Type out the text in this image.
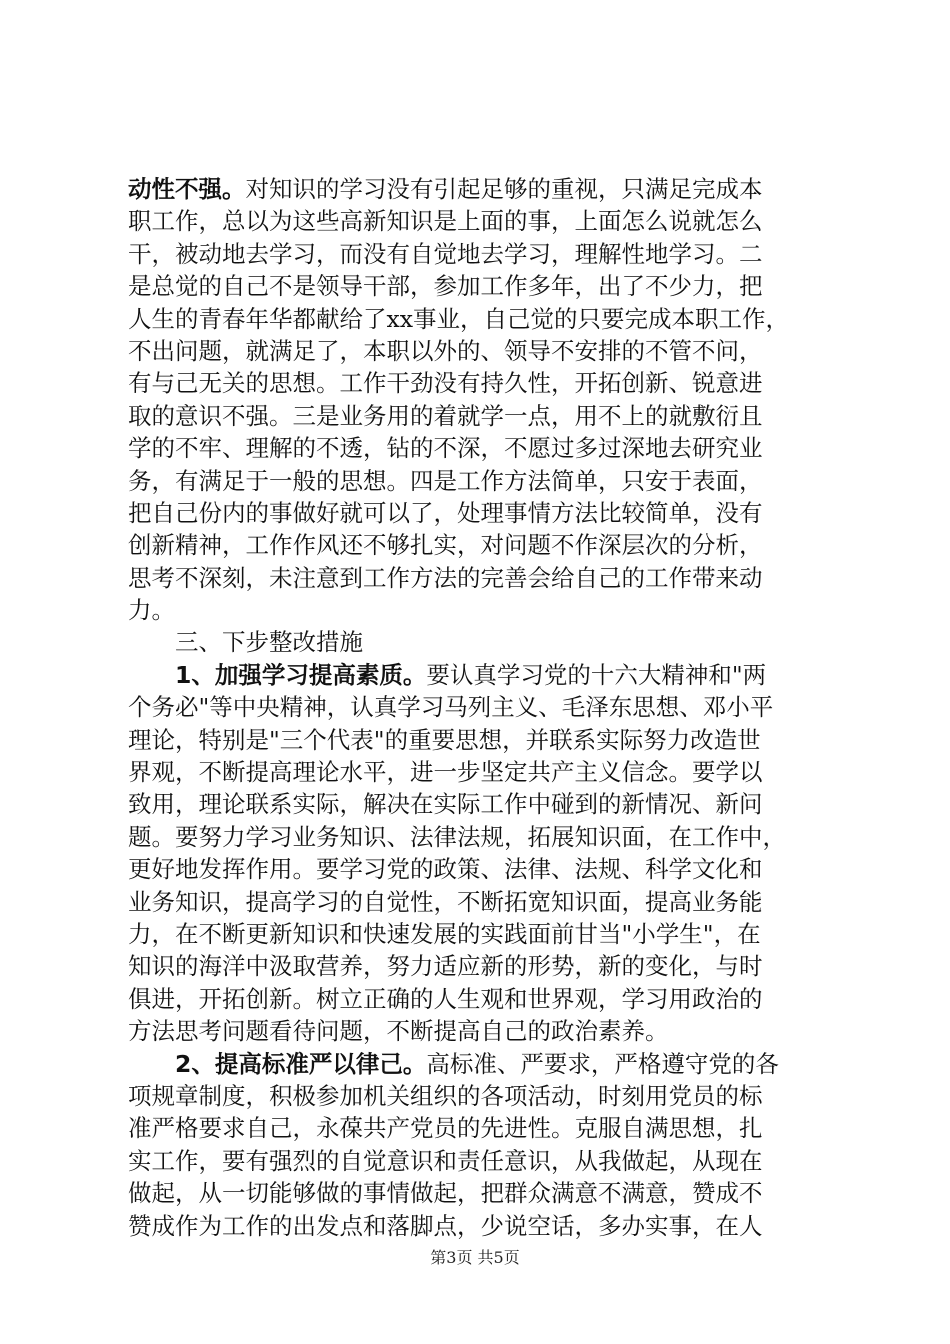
动性不强。对知识的学习没有引起足够的重视，只满足完成本
职工作，总以为这些高新知识是上面的事，上面怎么说就怎么
干，被动地去学习，而没有自觉地去学习，理解性地学习。二
是总觉的自己不是领导干部，参加工作多年，出了不少力，把
人生的青春年华都献给了xx事业，自己觉的只要完成本职工作，
不出问题，就满足了，本职以外的、领导不安排的不管不问，
有与己无关的思想。工作干劲没有持久性，开拓创新、锐意进
取的意识不强。三是业务用的着就学一点，用不上的就敷衍且
学的不牢、理解的不透，钻的不深，不愿过多过深地去研究业
务，有满足于一般的思想。四是工作方法简单，只安于表面，
把自己份内的事做好就可以了，处理事情方法比较简单，没有
创新精神，工作作风还不够扎实，对问题不作深层次的分析，
思考不深刻，未注意到工作方法的完善会给自己的工作带来动
力。
三、下步整改措施
1、加强学习提高素质。要认真学习党的十六大精神和"两
个务必"等中央精神，认真学习马列主义、毛泽东思想、邓小平
理论，特别是"三个代表"的重要思想，并联系实际努力改造世
界观，不断提高理论水平，进一步坚定共产主义信念。要学以
致用，理论联系实际，解决在实际工作中碰到的新情况、新问
题。要努力学习业务知识、法律法规，拓展知识面，在工作中，
更好地发挥作用。要学习党的政策、法律、法规、科学文化和
业务知识，提高学习的自觉性，不断拓宽知识面，提高业务能
力，在不断更新知识和快速发展的实践面前甘当"小学生"，在
知识的海洋中汲取营养，努力适应新的形势，新的变化，与时
俱进，开拓创新。树立正确的人生观和世界观，学习用政治的
方法思考问题看待问题，不断提高自己的政治素养。
2、提高标准严以律己。高标准、严要求，严格遵守党的各
项规章制度，积极参加机关组织的各项活动，时刻用党员的标
准严格要求自己，永葆共产党员的先进性。克服自满思想，扎
实工作，要有强烈的自觉意识和责任意识，从我做起，从现在
做起，从一切能够做的事情做起，把群众满意不满意，赞成不
赞成作为工作的出发点和落脚点，少说空话，多办实事，在人
第3页 共5页
